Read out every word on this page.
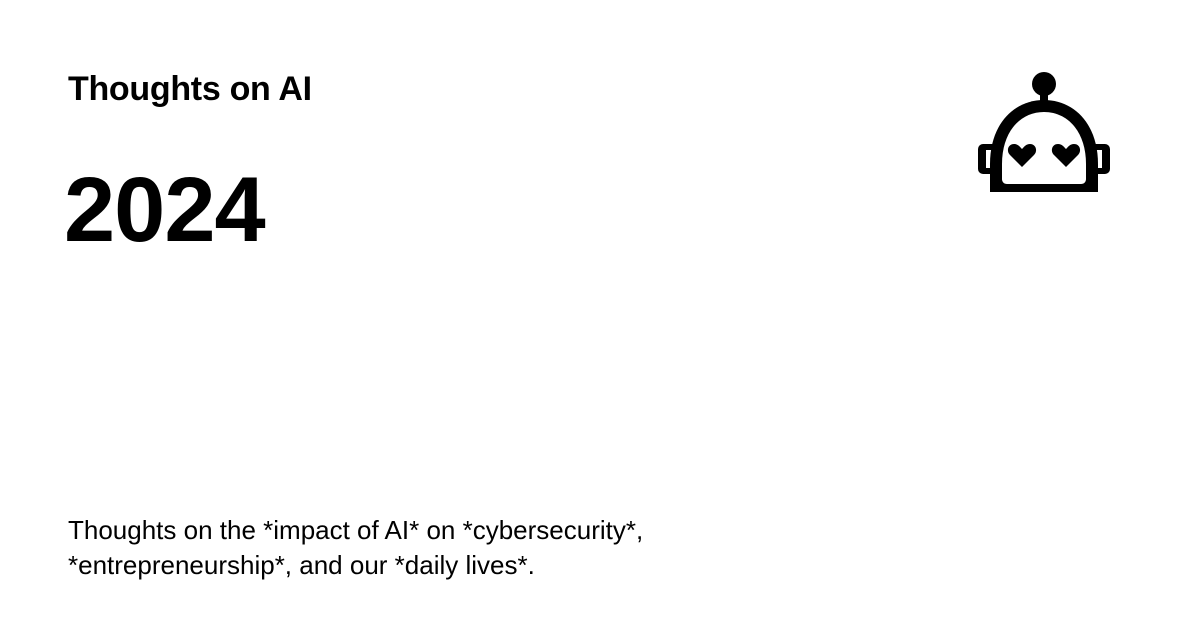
Thoughts on AI
2024

Thoughts on the *impact of AI* on *cybersecurity*,
*entrepreneurship*, and our *daily lives*.
